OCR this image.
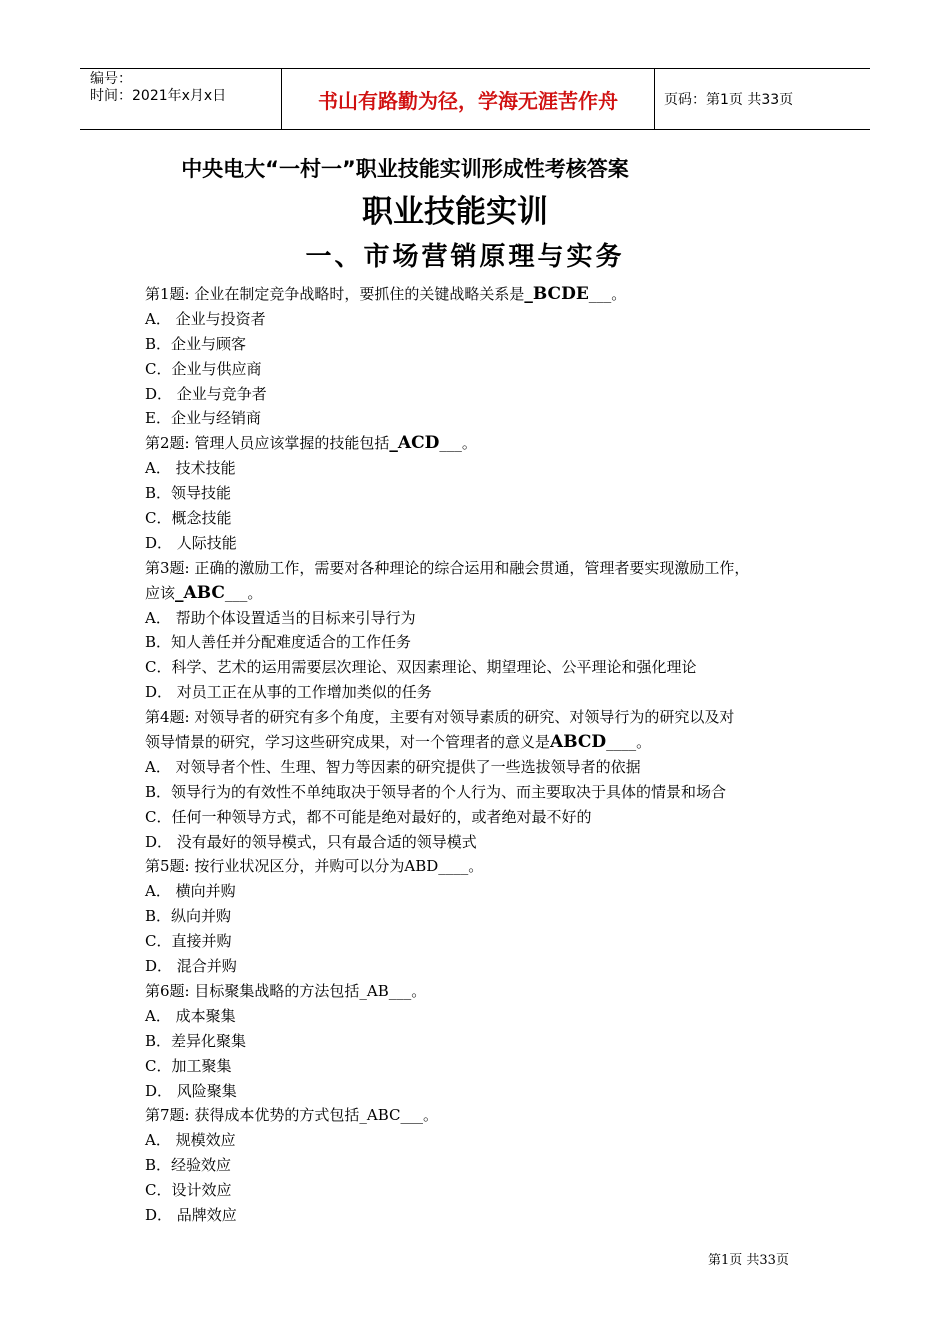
编号：
时间：2021年x月x日	书山有路勤为径，学海无涯苦作舟	页码：第1页 共33页
中央电大“一村一”职业技能实训形成性考核答案
职业技能实训
一、市场营销原理与实务
第1题: 企业在制定竞争战略时，要抓住的关键战略关系是_BCDE___。
A． 企业与投资者
B．企业与顾客
C．企业与供应商
D． 企业与竞争者
E．企业与经销商
第2题: 管理人员应该掌握的技能包括_ACD___。
A． 技术技能
B．领导技能
C．概念技能
D． 人际技能
第3题: 正确的激励工作，需要对各种理论的综合运用和融会贯通，管理者要实现激励工作，
应该_ABC___。
A． 帮助个体设置适当的目标来引导行为
B．知人善任并分配难度适合的工作任务
C．科学、艺术的运用需要层次理论、双因素理论、期望理论、公平理论和强化理论
D． 对员工正在从事的工作增加类似的任务
第4题: 对领导者的研究有多个角度，主要有对领导素质的研究、对领导行为的研究以及对
领导情景的研究，学习这些研究成果，对一个管理者的意义是ABCD____。
A． 对领导者个性、生理、智力等因素的研究提供了一些选拔领导者的依据
B．领导行为的有效性不单纯取决于领导者的个人行为、而主要取决于具体的情景和场合
C．任何一种领导方式，都不可能是绝对最好的，或者绝对最不好的
D． 没有最好的领导模式，只有最合适的领导模式
第5题: 按行业状况区分，并购可以分为ABD____。
A． 横向并购
B．纵向并购
C．直接并购
D． 混合并购
第6题: 目标聚集战略的方法包括_AB___。
A． 成本聚集
B．差异化聚集
C．加工聚集
D． 风险聚集
第7题: 获得成本优势的方式包括_ABC___。
A． 规模效应
B．经验效应
C．设计效应
D． 品牌效应
第1页 共33页
